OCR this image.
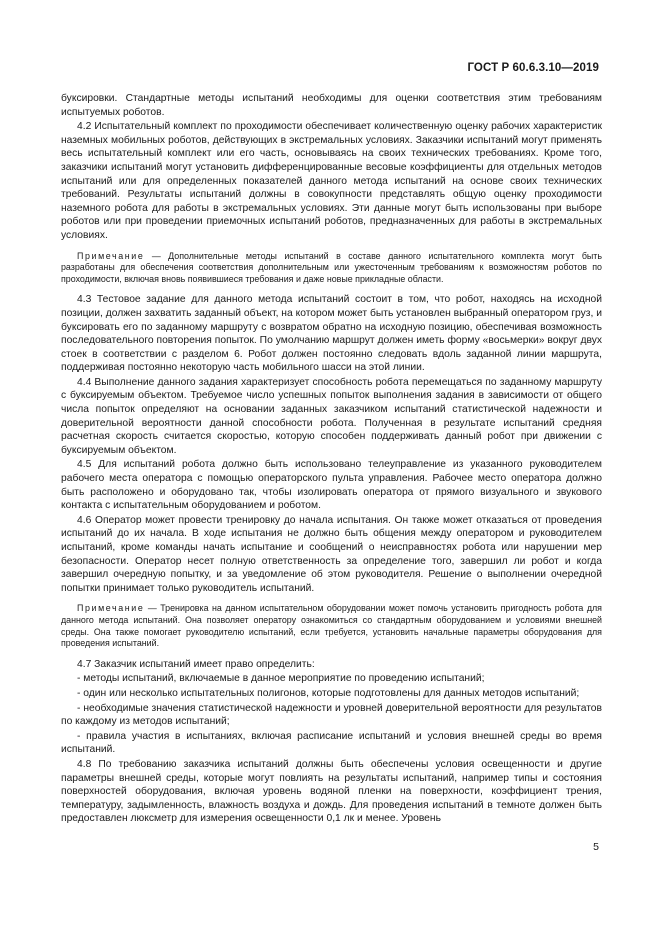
ГОСТ Р 60.6.3.10—2019

буксировки. Стандартные методы испытаний необходимы для оценки соответствия этим требованиям испытуемых роботов.

4.2 Испытательный комплект по проходимости обеспечивает количественную оценку рабочих характеристик наземных мобильных роботов, действующих в экстремальных условиях. Заказчики испытаний могут применять весь испытательный комплект или его часть, основываясь на своих технических требованиях. Кроме того, заказчики испытаний могут установить дифференцированные весовые коэффициенты для отдельных методов испытаний или для определенных показателей данного метода испытаний на основе своих технических требований. Результаты испытаний должны в совокупности представлять общую оценку проходимости наземного робота для работы в экстремальных условиях. Эти данные могут быть использованы при выборе роботов или при проведении приемочных испытаний роботов, предназначенных для работы в экстремальных условиях.

Примечание — Дополнительные методы испытаний в составе данного испытательного комплекта могут быть разработаны для обеспечения соответствия дополнительным или ужесточенным требованиям к возможностям роботов по проходимости, включая вновь появившиеся требования и даже новые прикладные области.

4.3 Тестовое задание для данного метода испытаний состоит в том, что робот, находясь на исходной позиции, должен захватить заданный объект, на котором может быть установлен выбранный оператором груз, и буксировать его по заданному маршруту с возвратом обратно на исходную позицию, обеспечивая возможность последовательного повторения попыток. По умолчанию маршрут должен иметь форму «восьмерки» вокруг двух стоек в соответствии с разделом 6. Робот должен постоянно следовать вдоль заданной линии маршрута, поддерживая постоянно некоторую часть мобильного шасси на этой линии.

4.4 Выполнение данного задания характеризует способность робота перемещаться по заданному маршруту с буксируемым объектом. Требуемое число успешных попыток выполнения задания в зависимости от общего числа попыток определяют на основании заданных заказчиком испытаний статистической надежности и доверительной вероятности данной способности робота. Полученная в результате испытаний средняя расчетная скорость считается скоростью, которую способен поддерживать данный робот при движении с буксируемым объектом.

4.5 Для испытаний робота должно быть использовано телеуправление из указанного руководителем рабочего места оператора с помощью операторского пульта управления. Рабочее место оператора должно быть расположено и оборудовано так, чтобы изолировать оператора от прямого визуального и звукового контакта с испытательным оборудованием и роботом.

4.6 Оператор может провести тренировку до начала испытания. Он также может отказаться от проведения испытаний до их начала. В ходе испытания не должно быть общения между оператором и руководителем испытаний, кроме команды начать испытание и сообщений о неисправностях робота или нарушении мер безопасности. Оператор несет полную ответственность за определение того, завершил ли робот и когда завершил очередную попытку, и за уведомление об этом руководителя. Решение о выполнении очередной попытки принимает только руководитель испытаний.

Примечание — Тренировка на данном испытательном оборудовании может помочь установить пригодность робота для данного метода испытаний. Она позволяет оператору ознакомиться со стандартным оборудованием и условиями внешней среды. Она также помогает руководителю испытаний, если требуется, установить начальные параметры оборудования для проведения испытаний.

4.7 Заказчик испытаний имеет право определить:

- методы испытаний, включаемые в данное мероприятие по проведению испытаний;

- один или несколько испытательных полигонов, которые подготовлены для данных методов испытаний;

- необходимые значения статистической надежности и уровней доверительной вероятности для результатов по каждому из методов испытаний;

- правила участия в испытаниях, включая расписание испытаний и условия внешней среды во время испытаний.

4.8 По требованию заказчика испытаний должны быть обеспечены условия освещенности и другие параметры внешней среды, которые могут повлиять на результаты испытаний, например типы и состояния поверхностей оборудования, включая уровень водяной пленки на поверхности, коэффициент трения, температуру, задымленность, влажность воздуха и дождь. Для проведения испытаний в темноте должен быть предоставлен люксметр для измерения освещенности 0,1 лк и менее. Уровень

5
